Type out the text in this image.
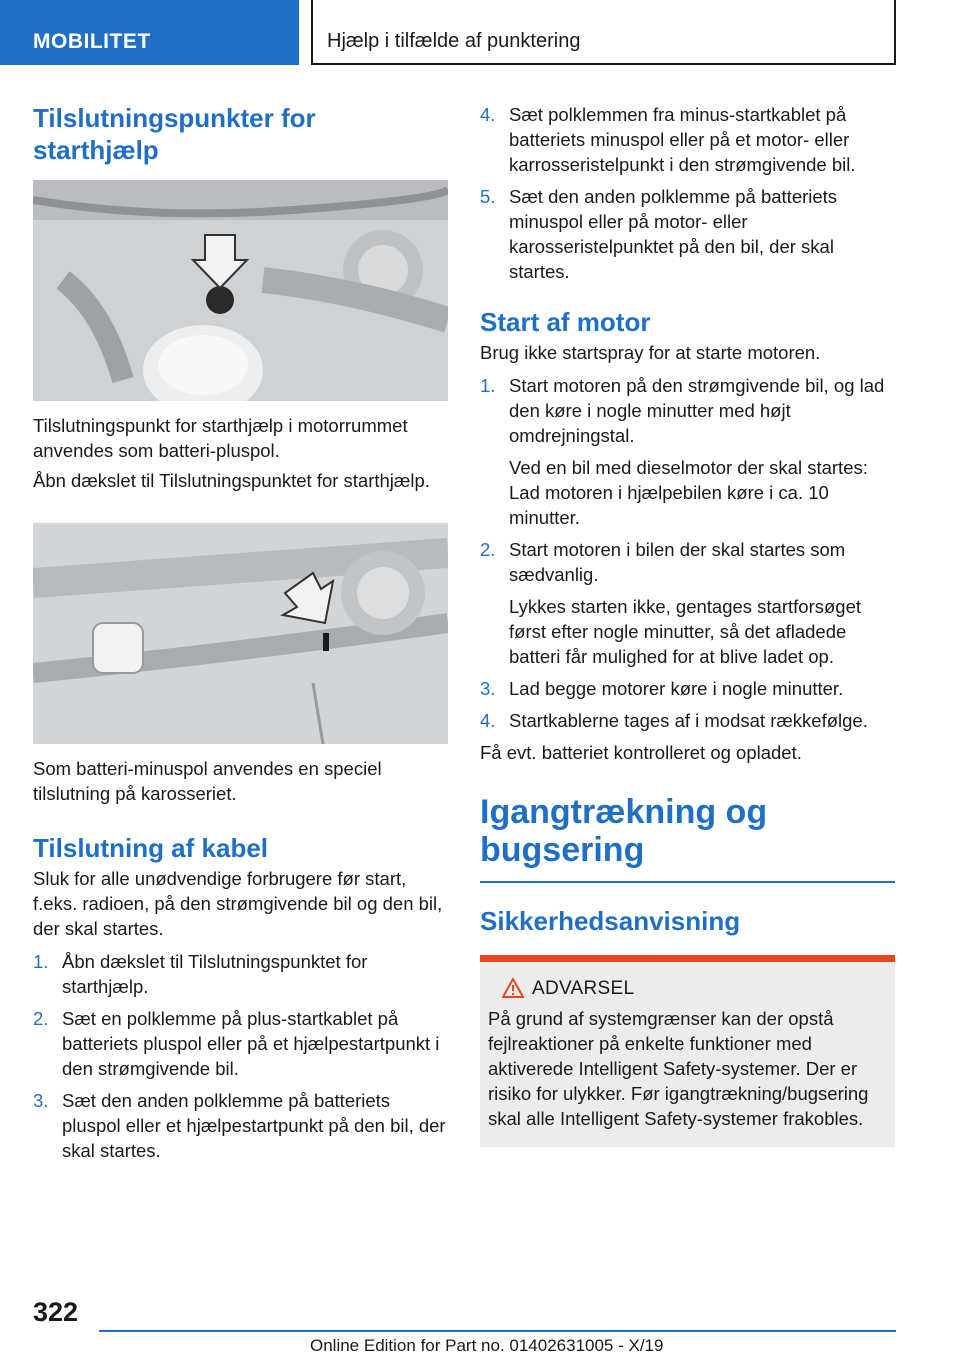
MOBILITET	Hjælp i tilfælde af punktering
Tilslutningspunkter for starthjælp

Tilslutningspunkt for starthjælp i motorrummet anvendes som batteri-pluspol.

Åbn dækslet til Tilslutningspunktet for starthjælp.

Som batteri-minuspol anvendes en speciel tilslutning på karosseriet.

Tilslutning af kabel

Sluk for alle unødvendige forbrugere før start, f.eks. radioen, på den strømgivende bil og den bil, der skal startes.

1. Åbn dækslet til Tilslutningspunktet for starthjælp.
2. Sæt en polklemme på plus-startkablet på batteriets pluspol eller på et hjælpestartpunkt i den strømgivende bil.
3. Sæt den anden polklemme på batteriets pluspol eller et hjælpestartpunkt på den bil, der skal startes.
4. Sæt polklemmen fra minus-startkablet på batteriets minuspol eller på et motor- eller karrosseristelpunkt i den strømgivende bil.
5. Sæt den anden polklemme på batteriets minuspol eller på motor- eller karosseristelpunktet på den bil, der skal startes.
Start af motor

Brug ikke startspray for at starte motoren.

1. Start motoren på den strømgivende bil, og lad den køre i nogle minutter med højt omdrejningstal.
Ved en bil med dieselmotor der skal startes: Lad motoren i hjælpebilen køre i ca. 10 minutter.
2. Start motoren i bilen der skal startes som sædvanlig.
Lykkes starten ikke, gentages startforsøget først efter nogle minutter, så det afladede batteri får mulighed for at blive ladet op.
3. Lad begge motorer køre i nogle minutter.
4. Startkablerne tages af i modsat rækkefølge.

Få evt. batteriet kontrolleret og opladet.

Igangtrækning og bugsering
Sikkerhedsanvisning
ADVARSEL

På grund af systemgrænser kan der opstå fejlreaktioner på enkelte funktioner med aktiverede Intelligent Safety-systemer. Der er risiko for ulykker. Før igangtrækning/bugsering skal alle Intelligent Safety-systemer frakobles.

322
Online Edition for Part no. 01402631005 - X/19
